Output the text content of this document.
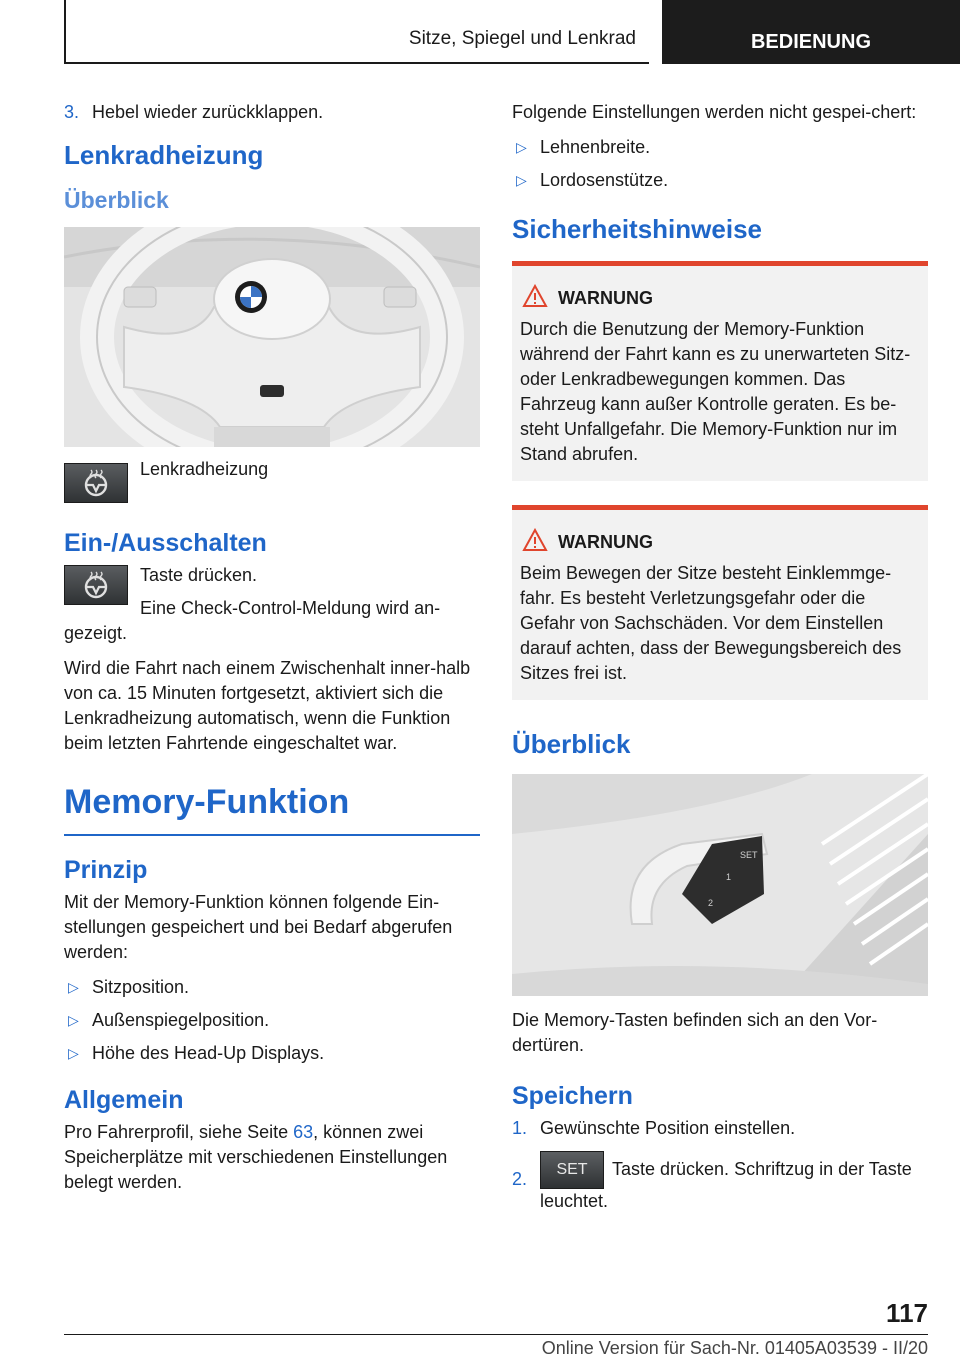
Sitze, Spiegel und Lenkrad	BEDIENUNG
3. Hebel wieder zurückklappen.
Lenkradheizung
Überblick
Lenkradheizung
Ein-/Ausschalten

Taste drücken.

Eine Check-Control-Meldung wird an-gezeigt.

Wird die Fahrt nach einem Zwischenhalt inner-halb von ca. 15 Minuten fortgesetzt, aktiviert sich die Lenkradheizung automatisch, wenn die Funktion beim letzten Fahrtende eingeschaltet war.

Memory-Funktion
Prinzip

Mit der Memory-Funktion können folgende Ein-stellungen gespeichert und bei Bedarf abgerufen werden:

▷ Sitzposition.
▷ Außenspiegelposition.
▷ Höhe des Head-Up Displays.
Allgemein

Pro Fahrerprofil, siehe Seite 63, können zwei Speicherplätze mit verschiedenen Einstellungen belegt werden.

Folgende Einstellungen werden nicht gespei-chert:

▷ Lehnenbreite.
▷ Lordosenstütze.
Sicherheitshinweise
WARNUNG
Durch die Benutzung der Memory-Funktion während der Fahrt kann es zu unerwarteten Sitz- oder Lenkradbewegungen kommen. Das Fahrzeug kann außer Kontrolle geraten. Es be-steht Unfallgefahr. Die Memory-Funktion nur im Stand abrufen.
WARNUNG
Beim Bewegen der Sitze besteht Einklemmge-fahr. Es besteht Verletzungsgefahr oder die Gefahr von Sachschäden. Vor dem Einstellen darauf achten, dass der Bewegungsbereich des Sitzes frei ist.
Überblick
SET
1
2

Die Memory-Tasten befinden sich an den Vor-dertüren.

Speichern
1. Gewünschte Position einstellen.
2.	SET Taste drücken. Schriftzug in der Taste leuchtet.
117
Online Version für Sach-Nr. 01405A03539 - II/20
